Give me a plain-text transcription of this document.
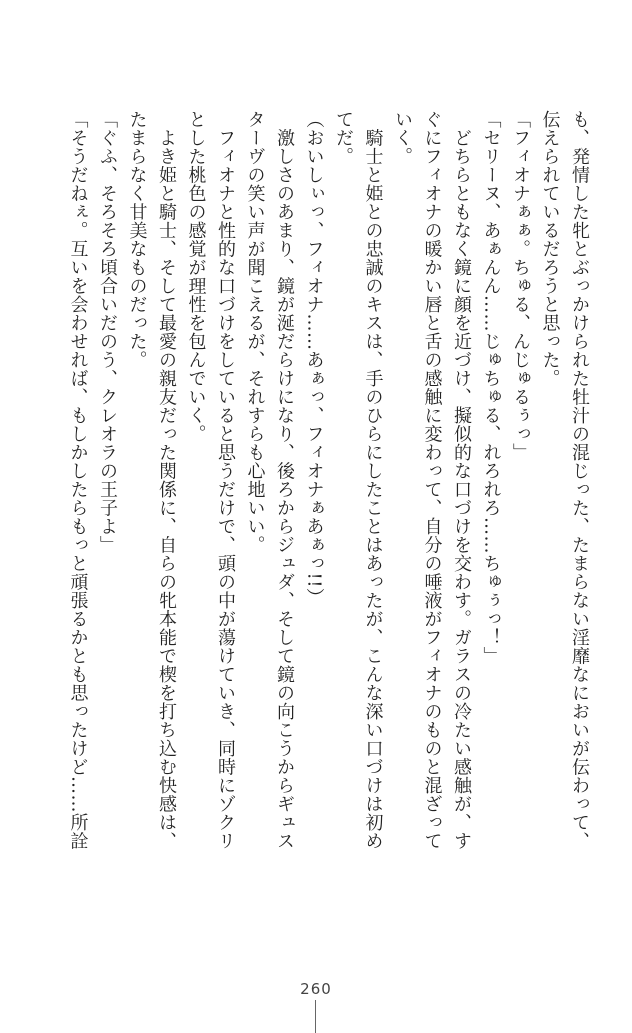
も、発情した牝とぶっかけられた牡汁の混じった、たまらない淫靡なにおいが伝わって、

伝えられているだろうと思った。

「フィオナぁぁ。ちゅる、んじゅるぅっ」

「セリーヌ、あぁんん……じゅちゅる、れろれろ……ちゅぅっ！」

　どちらともなく鏡に顔を近づけ、擬似的な口づけを交わす。ガラスの冷たい感触が、す

ぐにフィオナの暖かい唇と舌の感触に変わって、自分の唾液がフィオナのものと混ざって

いく。

　騎士と姫との忠誠のキスは、手のひらにしたことはあったが、こんな深い口づけは初め

てだ。

（おいしぃっ、フィオナ……あぁっ、フィオナぁあぁっ!!）

　激しさのあまり、鏡が涎だらけになり、後ろからジュダ、そして鏡の向こうからギュス

ターヴの笑い声が聞こえるが、それすらも心地いい。

　フィオナと性的な口づけをしていると思うだけで、頭の中が蕩けていき、同時にゾクリ

とした桃色の感覚が理性を包んでいく。

　よき姫と騎士、そして最愛の親友だった関係に、自らの牝本能で楔を打ち込む快感は、

たまらなく甘美なものだった。

「ぐふ、そろそろ頃合いだのう、クレオラの王子よ」

「そうだねぇ。互いを会わせれば、もしかしたらもっと頑張るかとも思ったけど……所詮

260
